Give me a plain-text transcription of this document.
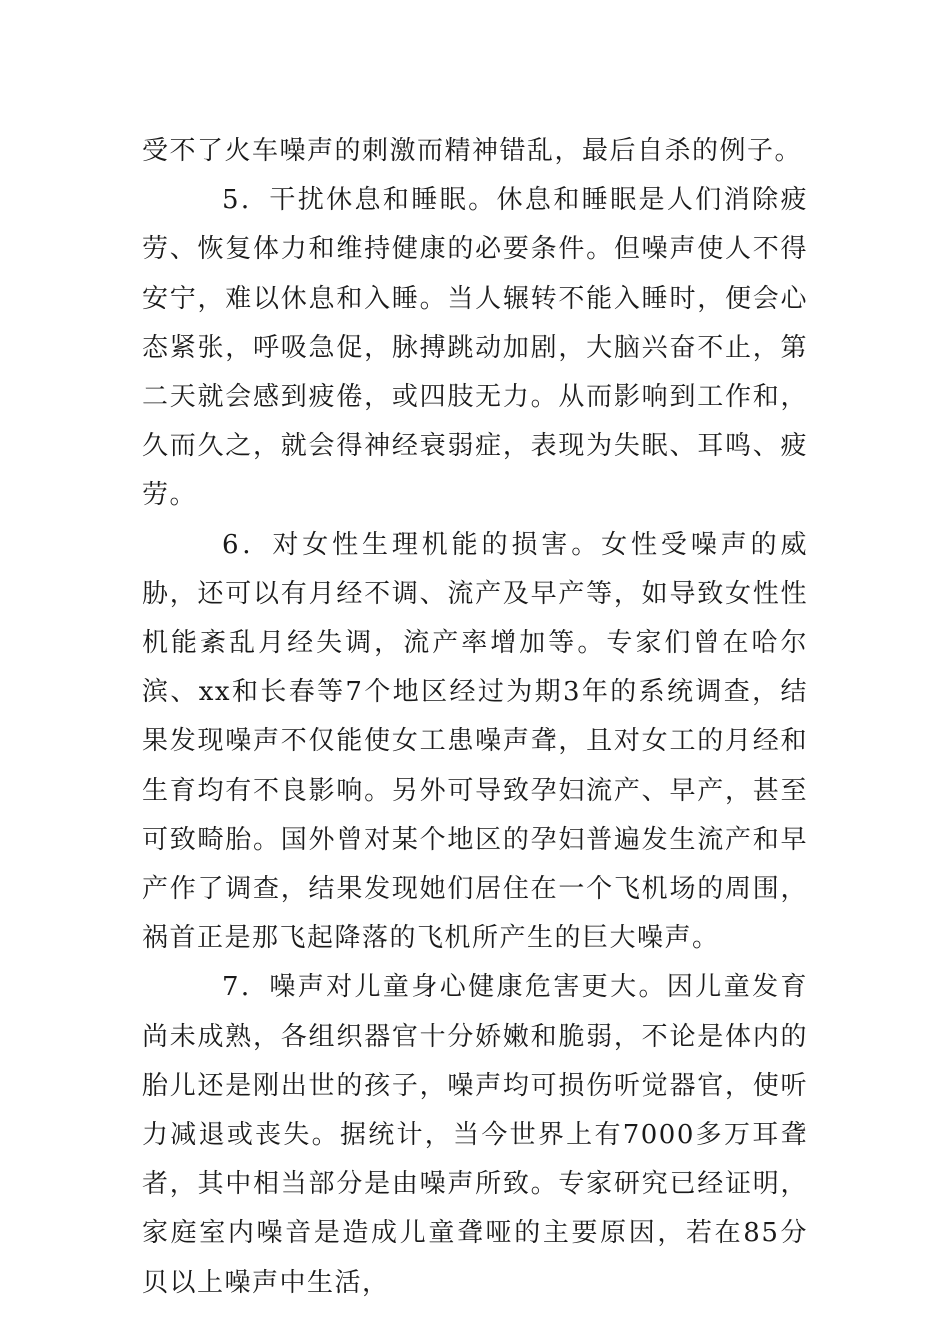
受不了火车噪声的刺激而精神错乱，最后自杀的例子。

5．干扰休息和睡眠。休息和睡眠是人们消除疲劳、恢复体力和维持健康的必要条件。但噪声使人不得安宁，难以休息和入睡。当人辗转不能入睡时，便会心态紧张，呼吸急促，脉搏跳动加剧，大脑兴奋不止，第二天就会感到疲倦，或四肢无力。从而影响到工作和，久而久之，就会得神经衰弱症，表现为失眠、耳鸣、疲劳。

6．对女性生理机能的损害。女性受噪声的威胁，还可以有月经不调、流产及早产等，如导致女性性机能紊乱月经失调，流产率增加等。专家们曾在哈尔滨、xx和长春等7个地区经过为期3年的系统调查，结果发现噪声不仅能使女工患噪声聋，且对女工的月经和生育均有不良影响。另外可导致孕妇流产、早产，甚至可致畸胎。国外曾对某个地区的孕妇普遍发生流产和早产作了调查，结果发现她们居住在一个飞机场的周围，祸首正是那飞起降落的飞机所产生的巨大噪声。

7．噪声对儿童身心健康危害更大。因儿童发育尚未成熟，各组织器官十分娇嫩和脆弱，不论是体内的胎儿还是刚出世的孩子，噪声均可损伤听觉器官，使听力减退或丧失。据统计，当今世界上有7000多万耳聋者，其中相当部分是由噪声所致。专家研究已经证明，家庭室内噪音是造成儿童聋哑的主要原因，若在85分贝以上噪声中生活，
